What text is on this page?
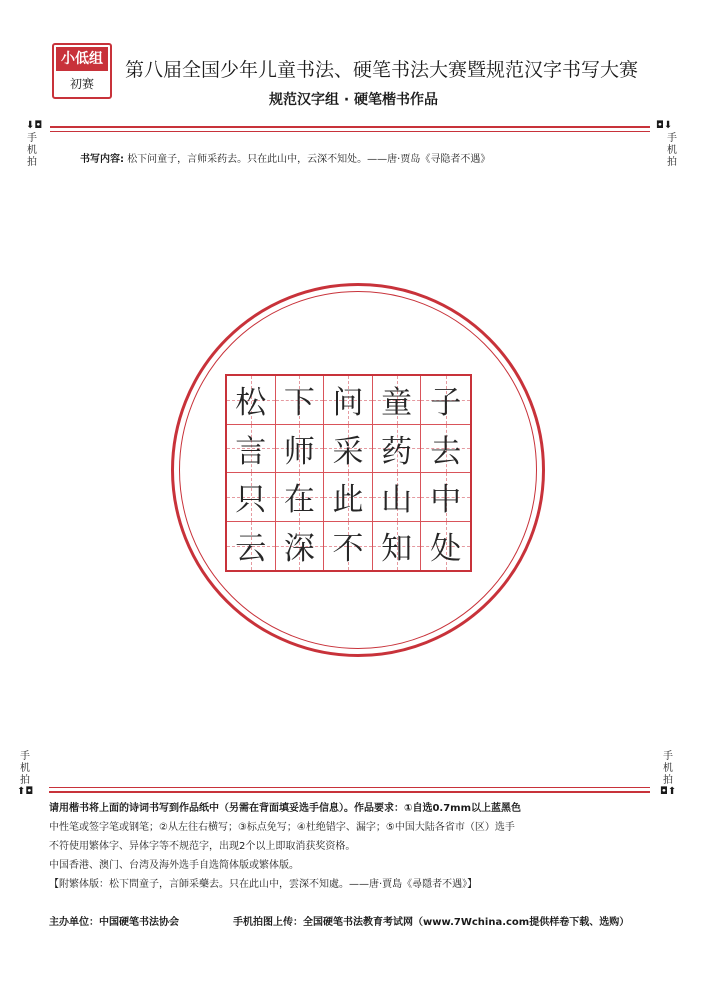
小低组
初赛
第八届全国少年儿童书法、硬笔书法大赛暨规范汉字书写大赛
规范汉字组 · 硬笔楷书作品
⬇◘
手机拍
◘⬇
手机拍
书写内容: 松下问童子，言师采药去。只在此山中，云深不知处。——唐·贾岛《寻隐者不遇》
松 下 问 童 子
言 师 采 药 去
只 在 此 山 中
云 深 不 知 处
手机拍
⬆◘
手机拍
◘⬆

请用楷书将上面的诗词书写到作品纸中（另需在背面填妥选手信息）。作品要求：①自选0.7mm以上蓝黑色

中性笔或签字笔或钢笔；②从左往右横写；③标点免写；④杜绝错字、漏字；⑤中国大陆各省市（区）选手

不符使用繁体字、异体字等不规范字，出现2个以上即取消获奖资格。

中国香港、澳门、台湾及海外选手自选简体版或繁体版。

【附繁体版：松下問童子，言師采藥去。只在此山中，雲深不知處。——唐·賈島《尋隱者不遇》】

主办单位：中国硬笔书法协会	手机拍图上传：全国硬笔书法教育考试网（www.7Wchina.com提供样卷下载、选购）
